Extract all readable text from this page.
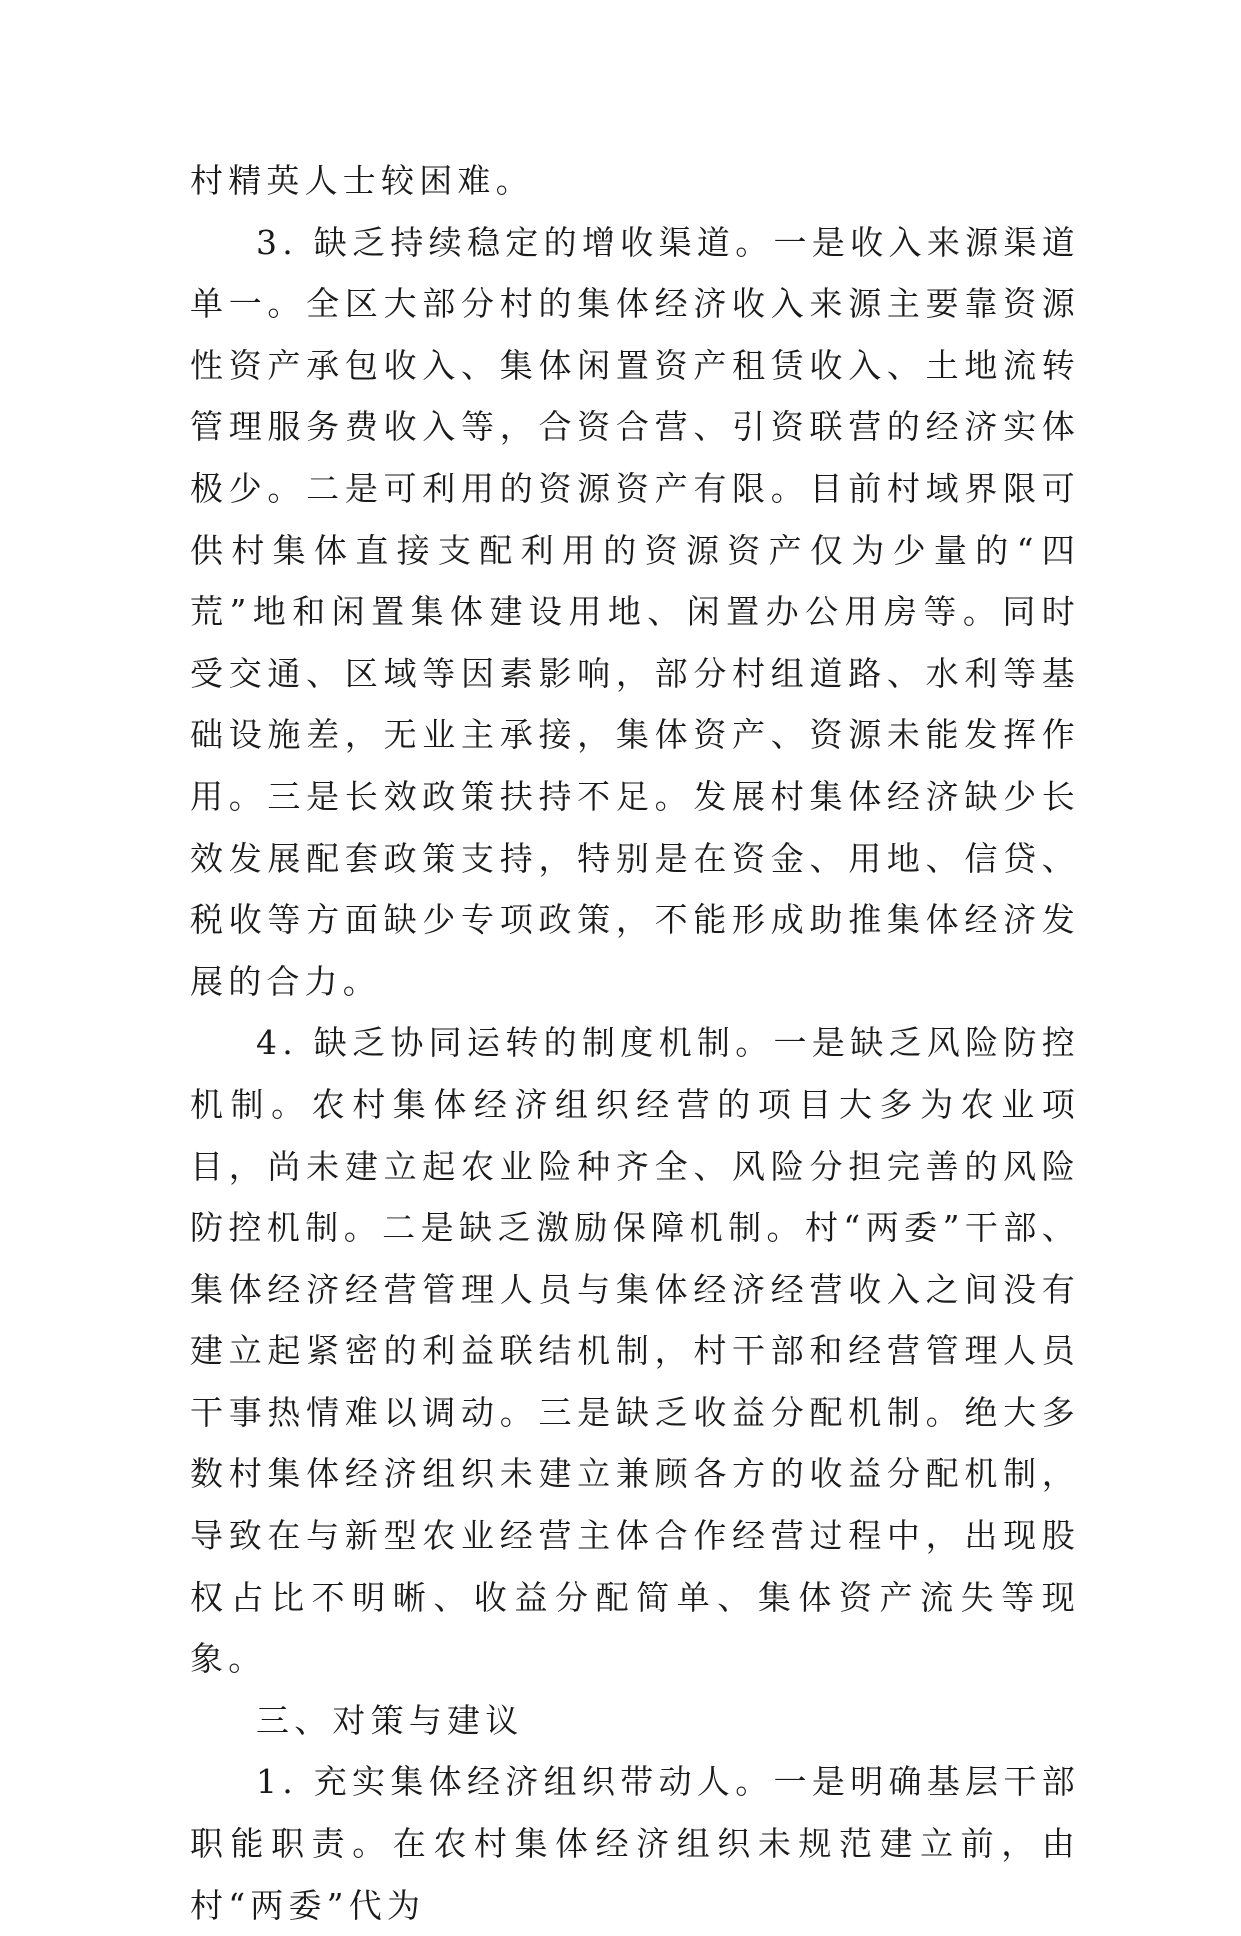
村精英人士较困难。

3. 缺乏持续稳定的增收渠道。一是收入来源渠道单一。全区大部分村的集体经济收入来源主要靠资源性资产承包收入、集体闲置资产租赁收入、土地流转管理服务费收入等，合资合营、引资联营的经济实体极少。二是可利用的资源资产有限。目前村域界限可供村集体直接支配利用的资源资产仅为少量的“四荒”地和闲置集体建设用地、闲置办公用房等。同时受交通、区域等因素影响，部分村组道路、水利等基础设施差，无业主承接，集体资产、资源未能发挥作用。三是长效政策扶持不足。发展村集体经济缺少长效发展配套政策支持，特别是在资金、用地、信贷、税收等方面缺少专项政策，不能形成助推集体经济发展的合力。

4. 缺乏协同运转的制度机制。一是缺乏风险防控机制。农村集体经济组织经营的项目大多为农业项目，尚未建立起农业险种齐全、风险分担完善的风险防控机制。二是缺乏激励保障机制。村“两委”干部、集体经济经营管理人员与集体经济经营收入之间没有建立起紧密的利益联结机制，村干部和经营管理人员干事热情难以调动。三是缺乏收益分配机制。绝大多数村集体经济组织未建立兼顾各方的收益分配机制，导致在与新型农业经营主体合作经营过程中，出现股权占比不明晰、收益分配简单、集体资产流失等现象。

三、对策与建议

1. 充实集体经济组织带动人。一是明确基层干部职能职责。在农村集体经济组织未规范建立前，由村“两委”代为
